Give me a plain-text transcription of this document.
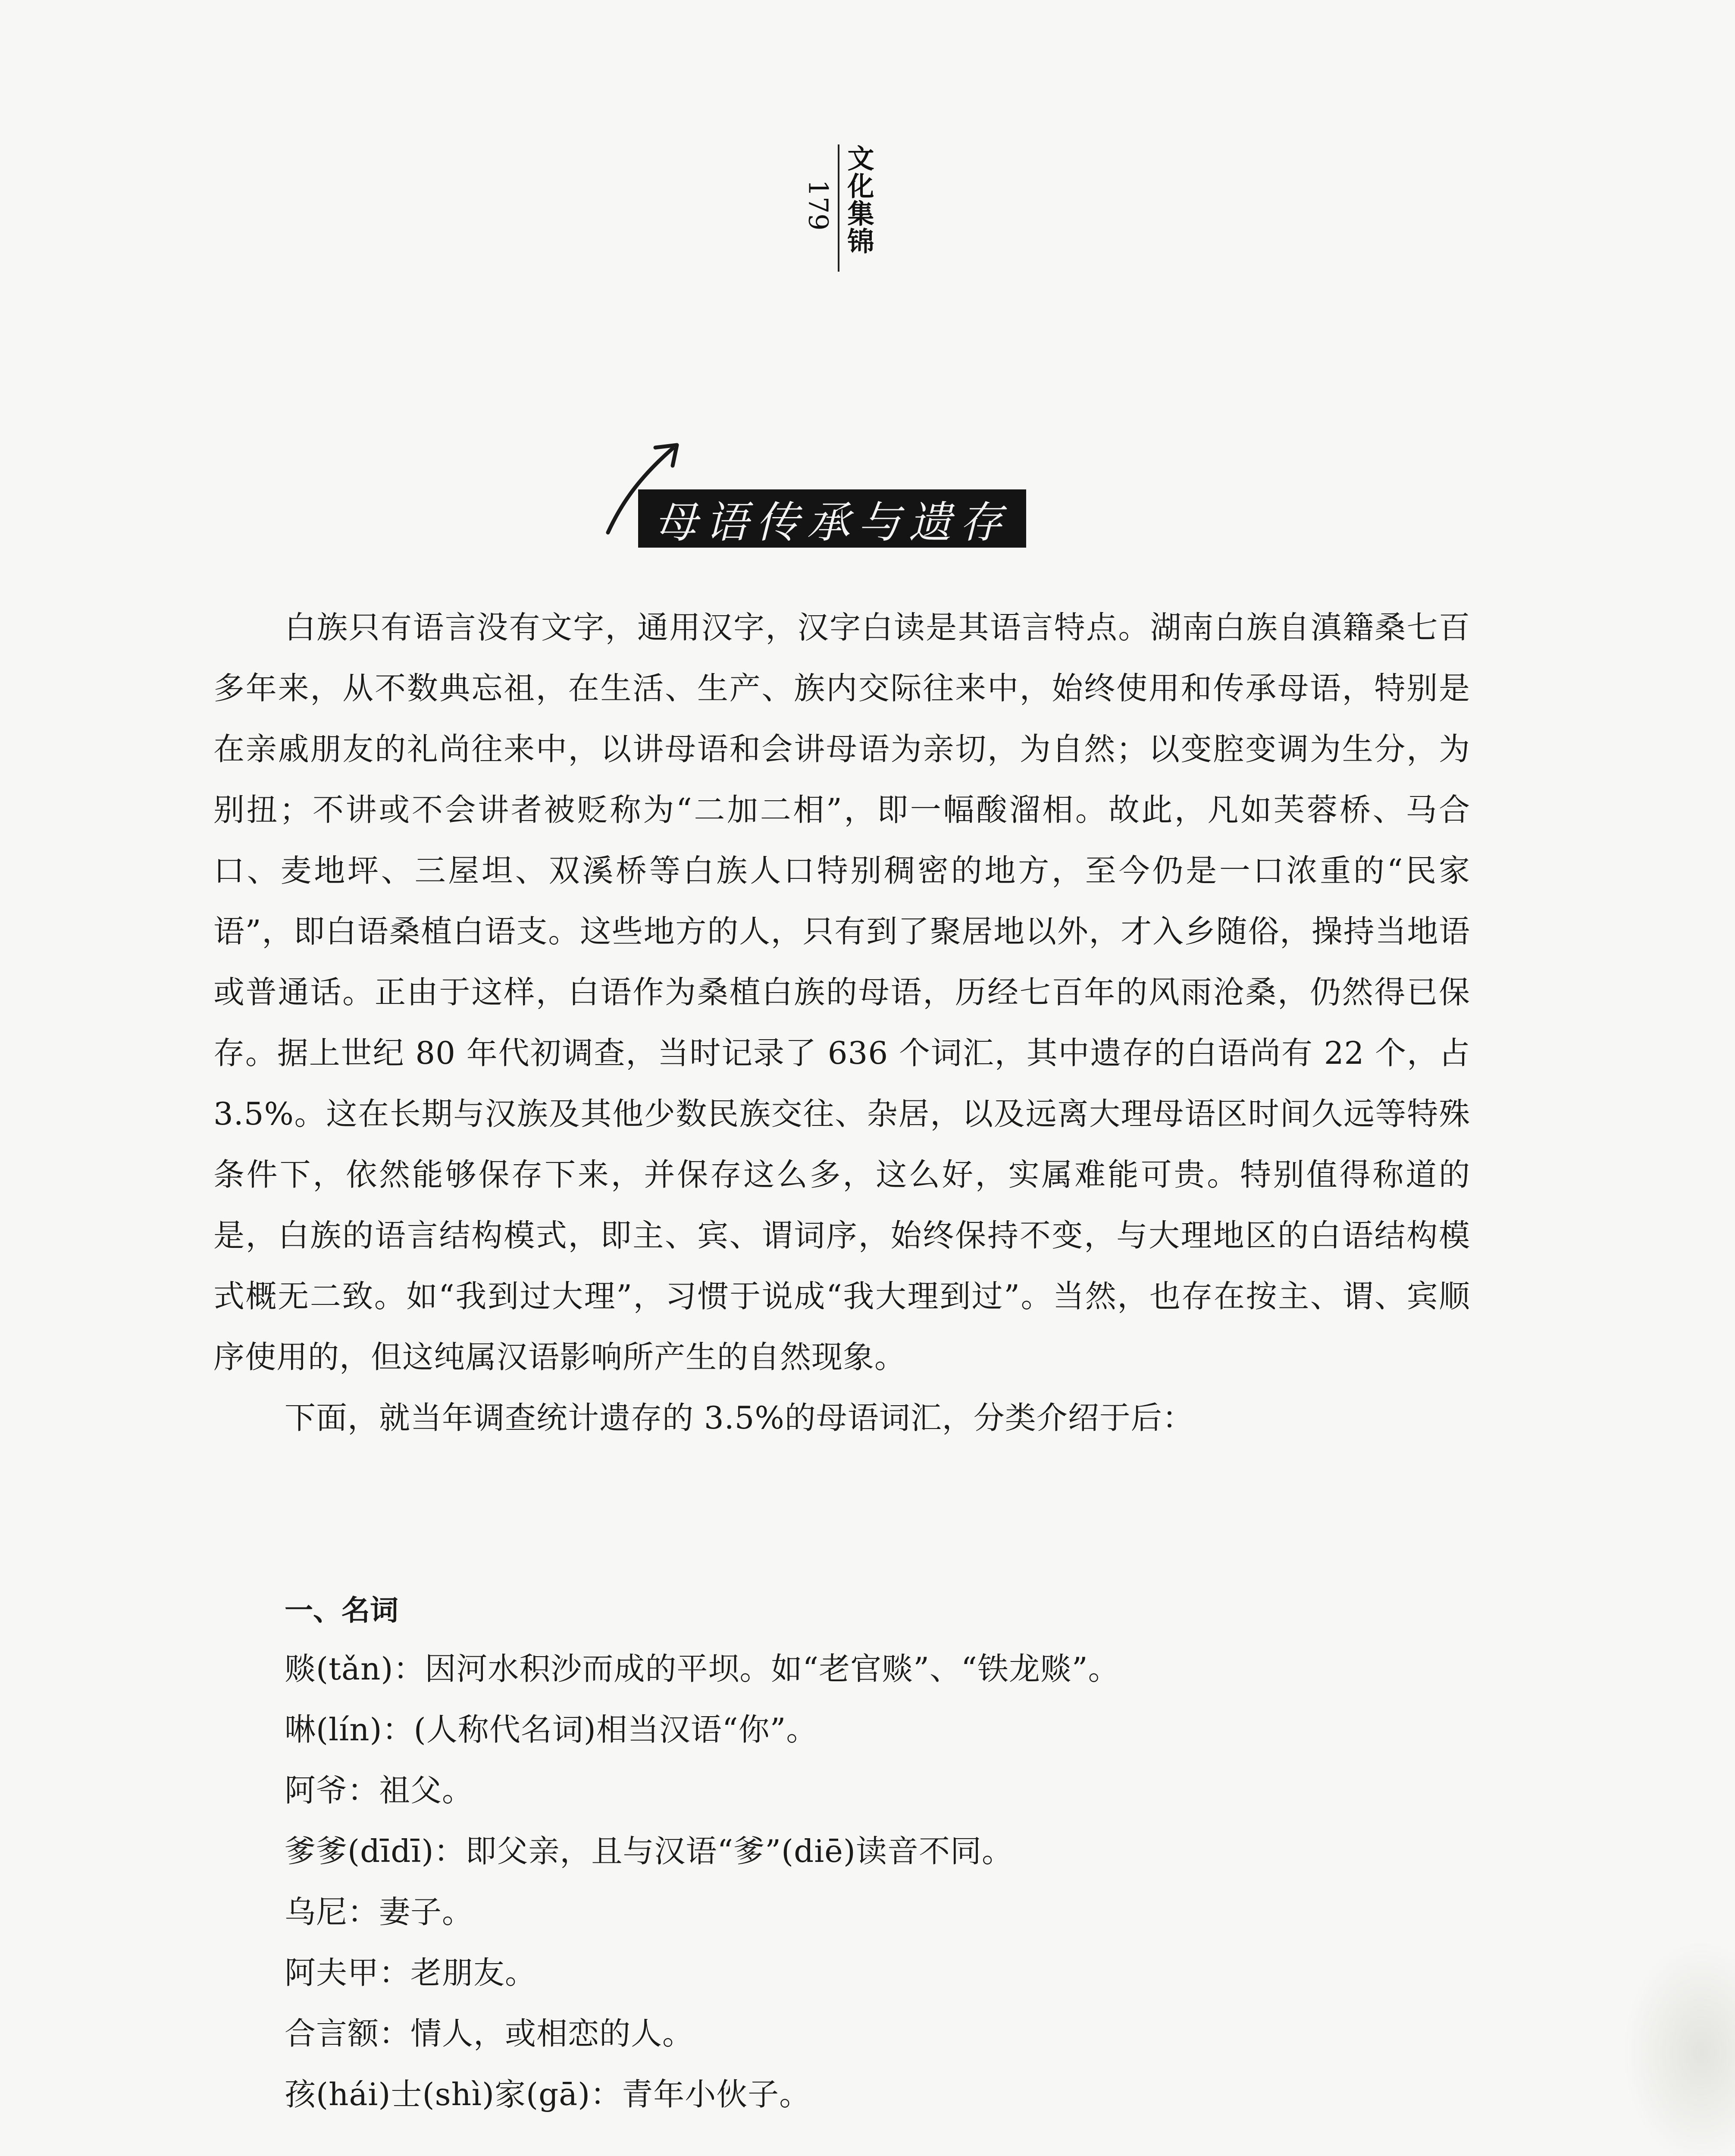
179 文化集锦
母语传承与遗存

白族只有语言没有文字，通用汉字，汉字白读是其语言特点。湖南白族自滇籍桑七百多年来，从不数典忘祖，在生活、生产、族内交际往来中，始终使用和传承母语，特别是在亲戚朋友的礼尚往来中，以讲母语和会讲母语为亲切，为自然；以变腔变调为生分，为别扭；不讲或不会讲者被贬称为“二加二相”，即一幅酸溜相。故此，凡如芙蓉桥、马合口、麦地坪、三屋坦、双溪桥等白族人口特别稠密的地方，至今仍是一口浓重的“民家语”，即白语桑植白语支。这些地方的人，只有到了聚居地以外，才入乡随俗，操持当地语或普通话。正由于这样，白语作为桑植白族的母语，历经七百年的风雨沧桑，仍然得已保存。据上世纪 80 年代初调查，当时记录了 636 个词汇，其中遗存的白语尚有 22 个，占 3.5%。这在长期与汉族及其他少数民族交往、杂居，以及远离大理母语区时间久远等特殊条件下，依然能够保存下来，并保存这么多，这么好，实属难能可贵。特别值得称道的是，白族的语言结构模式，即主、宾、谓词序，始终保持不变，与大理地区的白语结构模式概无二致。如“我到过大理”，习惯于说成“我大理到过”。当然，也存在按主、谓、宾顺序使用的，但这纯属汉语影响所产生的自然现象。

下面，就当年调查统计遗存的 3.5%的母语词汇，分类介绍于后：

一、名词
赕(tǎn)：因河水积沙而成的平坝。如“老官赕”、“铁龙赕”。
啉(lín)：(人称代名词)相当汉语“你”。
阿爷：祖父。
爹爹(dīdī)：即父亲，且与汉语“爹”(diē)读音不同。
乌尼：妻子。
阿夫甲：老朋友。
合言额：情人，或相恋的人。
孩(hái)士(shì)家(gā)：青年小伙子。
